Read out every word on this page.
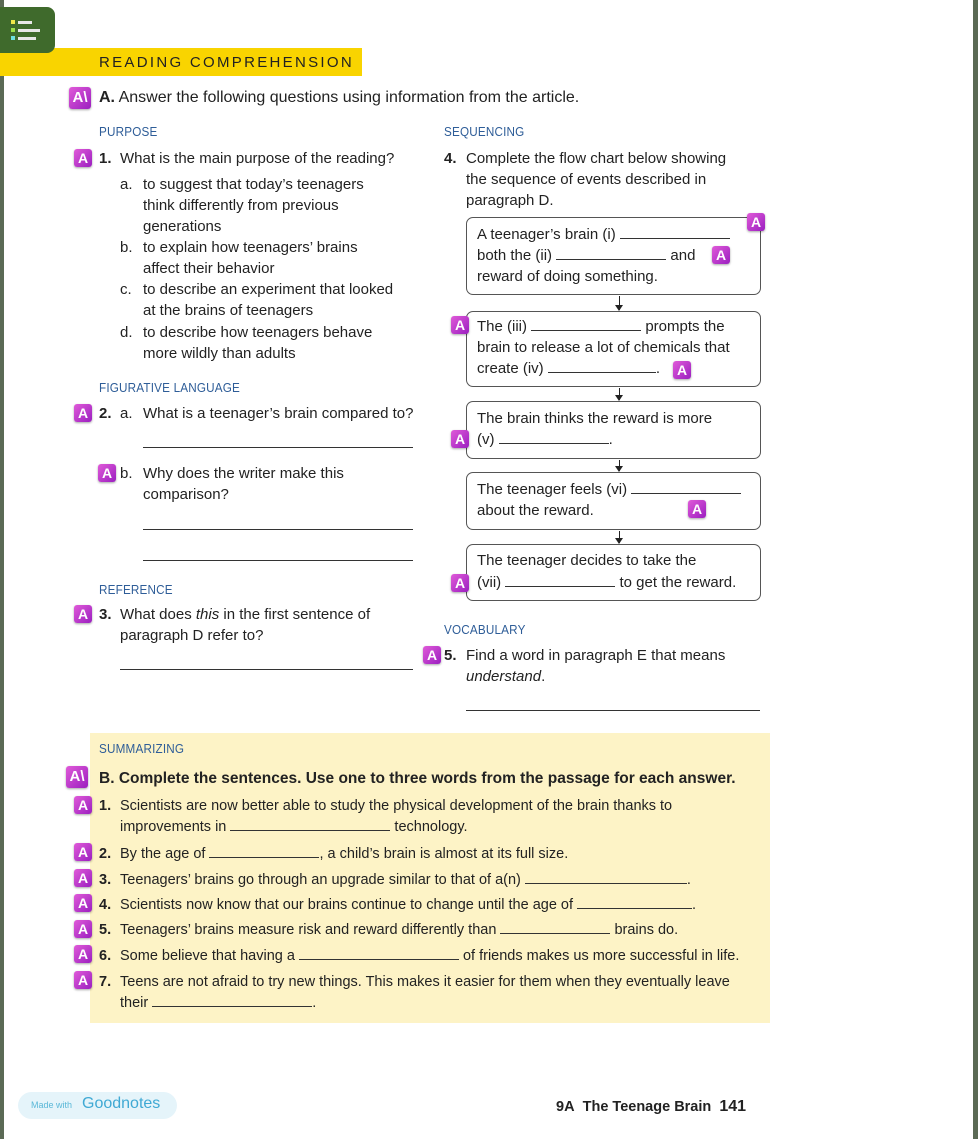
READING COMPREHENSION
A\ A. Answer the following questions using information from the article.
PURPOSE
A 1. What is the main purpose of the reading?
a. to suggest that today’s teenagers
think differently from previous
generations
b. to explain how teenagers’ brains
affect their behavior
c. to describe an experiment that looked
at the brains of teenagers
d. to describe how teenagers behave
more wildly than adults
FIGURATIVE LANGUAGE
A 2. a. What is a teenager’s brain compared to?
A b. Why does the writer make this
comparison?
REFERENCE
A 3. What does this in the first sentence of
paragraph D refer to?
SEQUENCING
4. Complete the flow chart below showing
the sequence of events described in
paragraph D.
A
A teenager’s brain (i)
both the (ii)	and A
reward of doing something.
A The (iii)	prompts the
brain to release a lot of chemicals that
create (iv)	. A
The brain thinks the reward is more
A (v)	.
The teenager feels (vi)
about the reward.	A
The teenager decides to take the
A (vii)	to get the reward.
VOCABULARY
A 5. Find a word in paragraph E that means
understand.
SUMMARIZING
A\ B. Complete the sentences. Use one to three words from the passage for each answer.
A 1. Scientists are now better able to study the physical development of the brain thanks to
improvements in	technology.
A 2. By the age of	, a child’s brain is almost at its full size.
A 3. Teenagers’ brains go through an upgrade similar to that of a(n)	.
A 4. Scientists now know that our brains continue to change until the age of	.
A 5. Teenagers’ brains measure risk and reward differently than	brains do.
A 6. Some believe that having a	of friends makes us more successful in life.
A 7. Teens are not afraid to try new things. This makes it easier for them when they eventually leave
their	.
Made with Goodnotes	9A The Teenage Brain 141
